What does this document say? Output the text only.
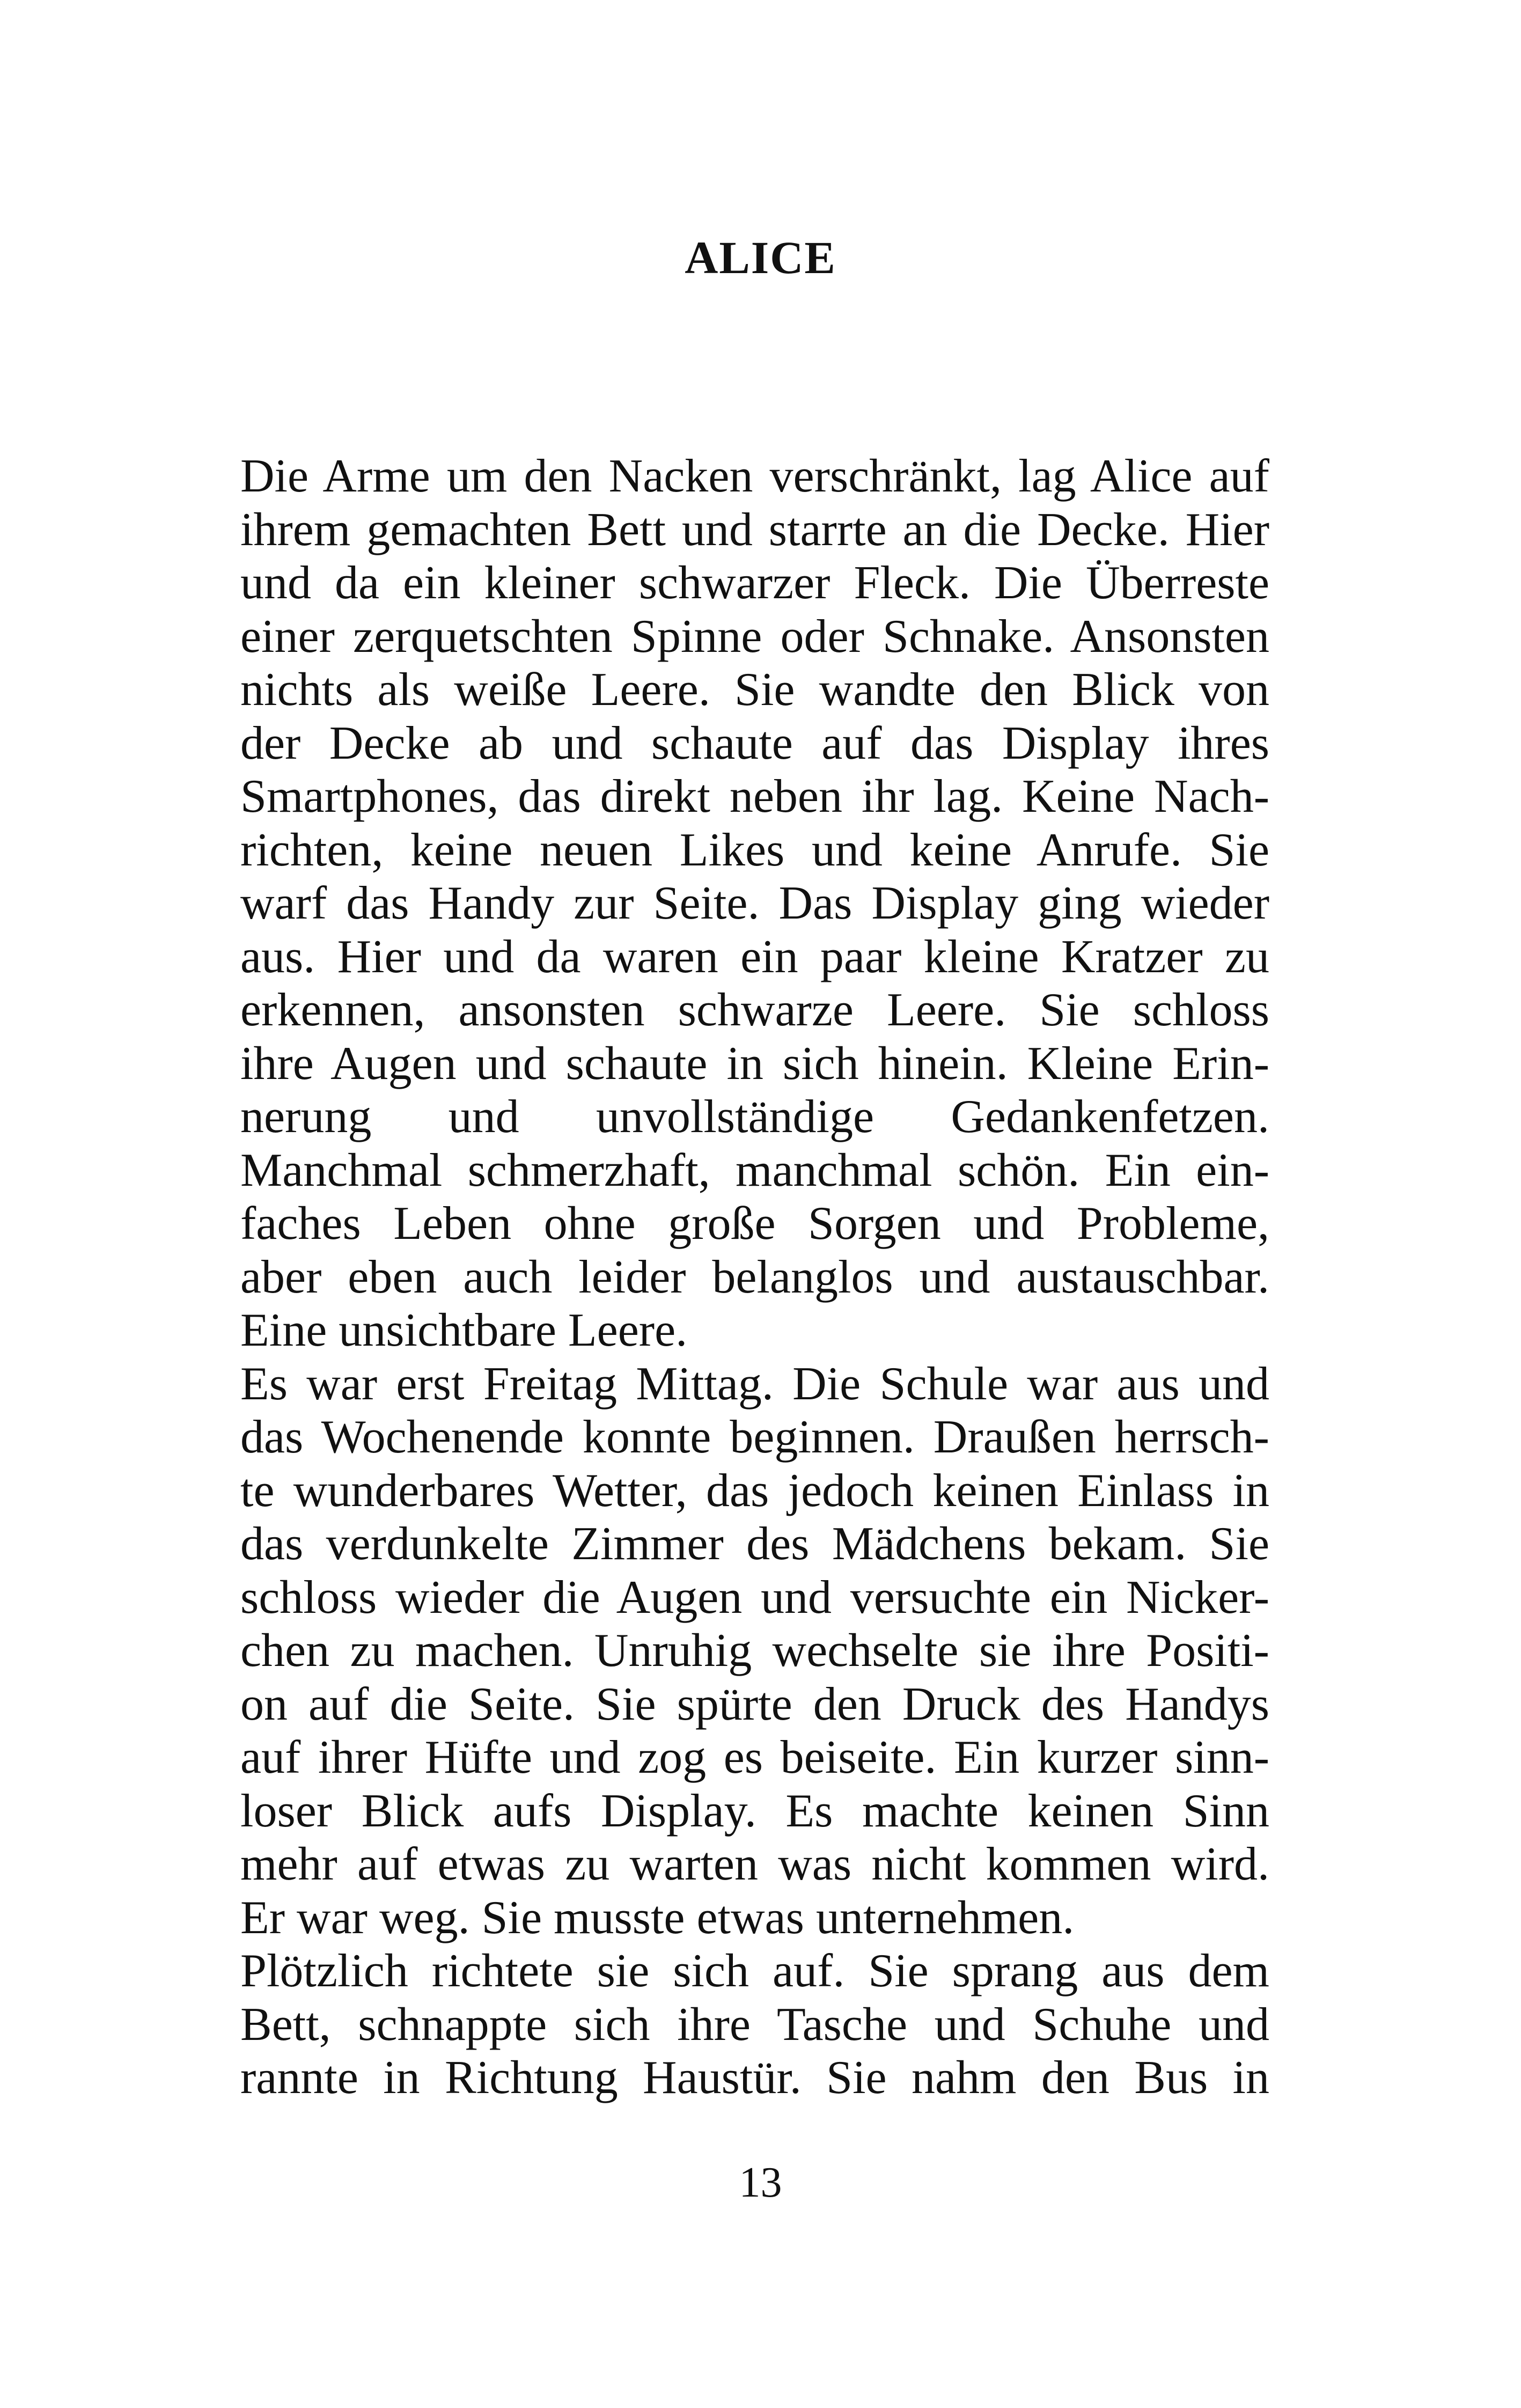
ALICE
Die Arme um den Nacken verschränkt, lag Alice auf
ihrem gemachten Bett und starrte an die Decke. Hier
und da ein kleiner schwarzer Fleck. Die Überreste
einer zerquetschten Spinne oder Schnake. Ansonsten
nichts als weiße Leere. Sie wandte den Blick von
der Decke ab und schaute auf das Display ihres
Smartphones, das direkt neben ihr lag. Keine Nach-
richten, keine neuen Likes und keine Anrufe. Sie
warf das Handy zur Seite. Das Display ging wieder
aus. Hier und da waren ein paar kleine Kratzer zu
erkennen, ansonsten schwarze Leere. Sie schloss
ihre Augen und schaute in sich hinein. Kleine Erin-
nerung und unvollständige Gedankenfetzen.
Manchmal schmerzhaft, manchmal schön. Ein ein-
faches Leben ohne große Sorgen und Probleme,
aber eben auch leider belanglos und austauschbar.
Eine unsichtbare Leere.
Es war erst Freitag Mittag. Die Schule war aus und
das Wochenende konnte beginnen. Draußen herrsch-
te wunderbares Wetter, das jedoch keinen Einlass in
das verdunkelte Zimmer des Mädchens bekam. Sie
schloss wieder die Augen und versuchte ein Nicker-
chen zu machen. Unruhig wechselte sie ihre Positi-
on auf die Seite. Sie spürte den Druck des Handys
auf ihrer Hüfte und zog es beiseite. Ein kurzer sinn-
loser Blick aufs Display. Es machte keinen Sinn
mehr auf etwas zu warten was nicht kommen wird.
Er war weg. Sie musste etwas unternehmen.
Plötzlich richtete sie sich auf. Sie sprang aus dem
Bett, schnappte sich ihre Tasche und Schuhe und
rannte in Richtung Haustür. Sie nahm den Bus in
13
